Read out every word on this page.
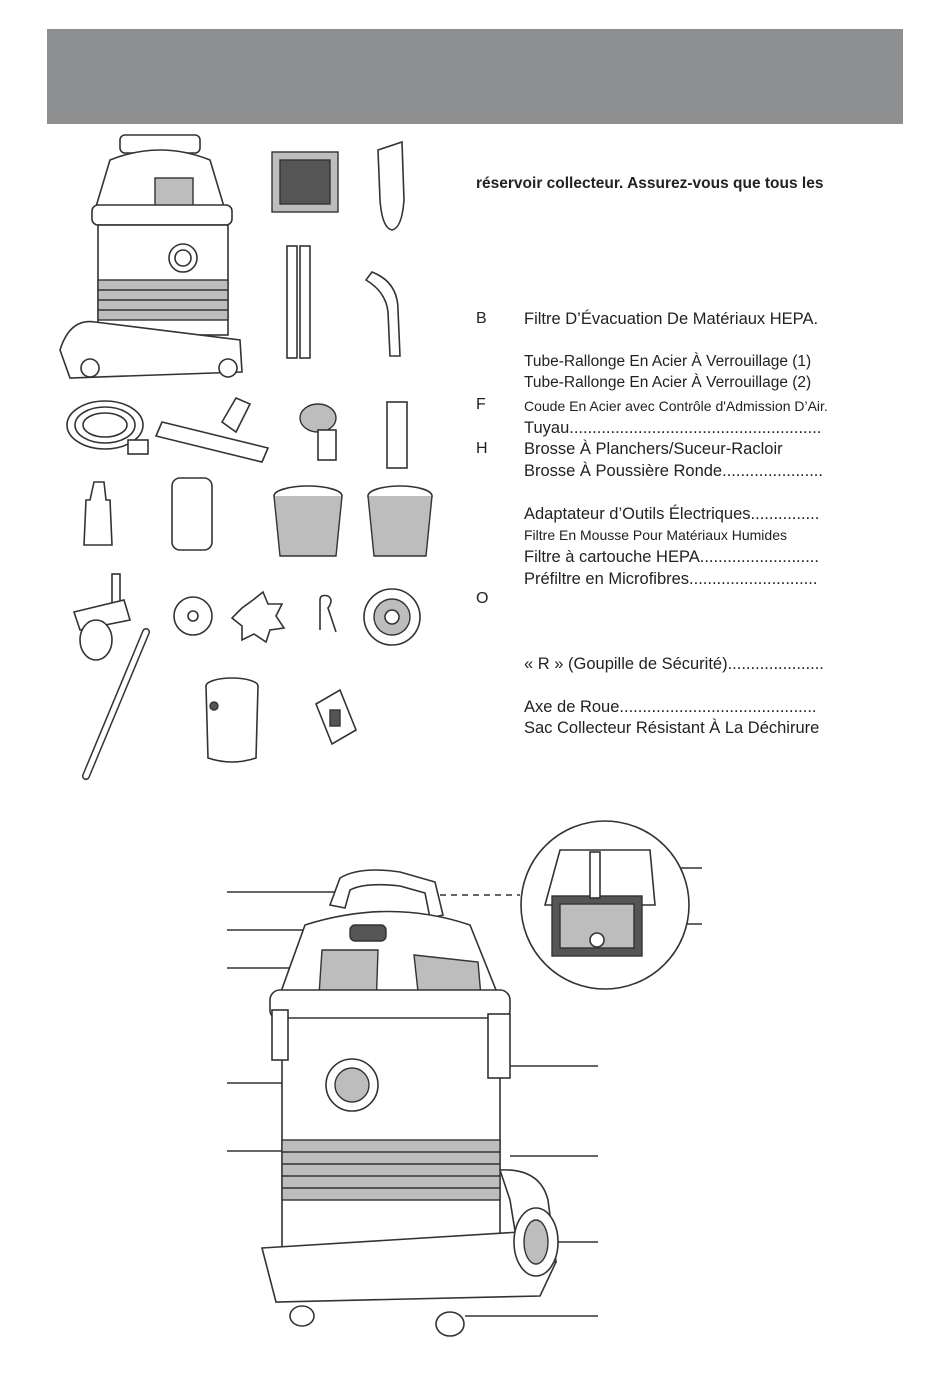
réservoir collecteur. Assurez-vous que tous les
B
F
H
O
Filtre D’Évacuation De Matériaux HEPA.
Tube-Rallonge En Acier À Verrouillage (1)
Tube-Rallonge En Acier À Verrouillage (2)
Coude En Acier avec Contrôle d'Admission D’Air.
Tuyau.......................................................
Brosse À Planchers/Suceur-Racloir
Brosse À Poussière Ronde......................
Adaptateur d’Outils Électriques...............
Filtre En Mousse Pour Matériaux Humides
Filtre à cartouche HEPA..........................
Préfiltre en Microfibres............................
« R » (Goupille de Sécurité).....................
Axe de Roue...........................................
Sac Collecteur Résistant À La Déchirure
